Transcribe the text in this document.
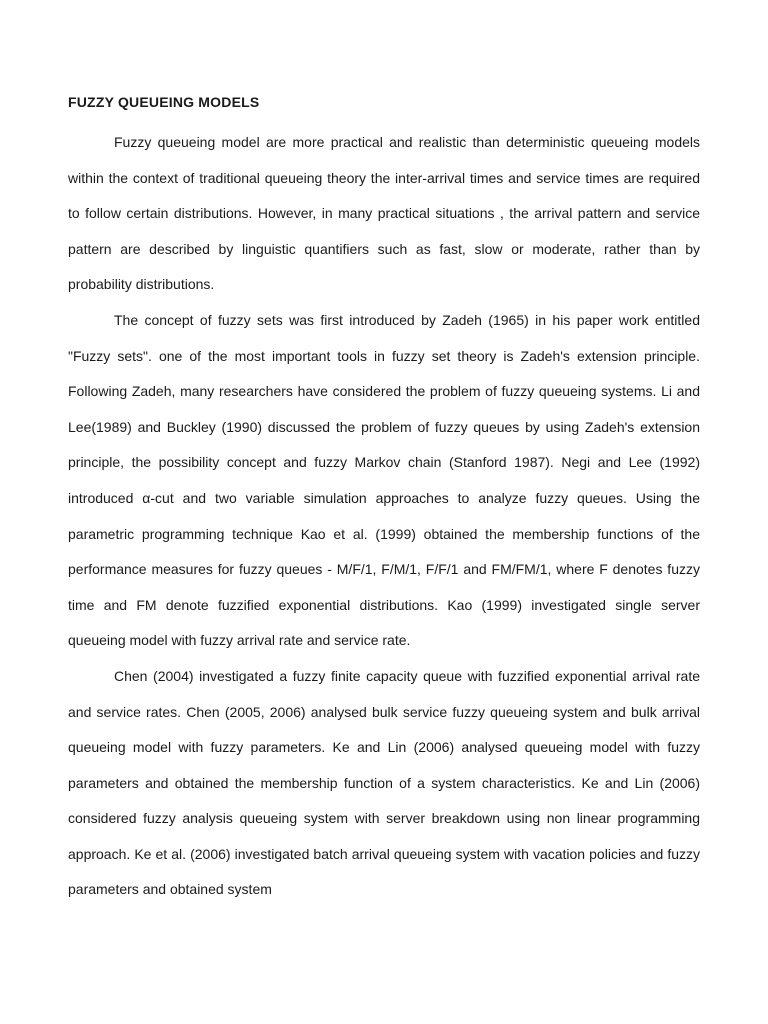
FUZZY QUEUEING MODELS

Fuzzy queueing model are more practical and realistic than deterministic queueing models within the context of traditional queueing theory the inter-arrival times and service times are required to follow certain distributions. However, in many practical situations , the arrival pattern and service pattern are described by linguistic quantifiers such as fast, slow or moderate, rather than by probability distributions.

The concept of fuzzy sets was first introduced by Zadeh (1965) in his paper work entitled "Fuzzy sets". one of the most important tools in fuzzy set theory is Zadeh's extension principle. Following Zadeh, many researchers have considered the problem of fuzzy queueing systems. Li and Lee(1989) and Buckley (1990) discussed the problem of fuzzy queues by using Zadeh's extension principle, the possibility concept and fuzzy Markov chain (Stanford 1987). Negi and Lee (1992) introduced α-cut and two variable simulation approaches to analyze fuzzy queues. Using the parametric programming technique Kao et al. (1999) obtained the membership functions of the performance measures for fuzzy queues - M/F/1, F/M/1, F/F/1 and FM/FM/1, where F denotes fuzzy time and FM denote fuzzified exponential distributions. Kao (1999) investigated single server queueing model with fuzzy arrival rate and service rate.

Chen (2004) investigated a fuzzy finite capacity queue with fuzzified exponential arrival rate and service rates. Chen (2005, 2006) analysed bulk service fuzzy queueing system and bulk arrival queueing model with fuzzy parameters. Ke and Lin (2006) analysed queueing model with fuzzy parameters and obtained the membership function of a system characteristics. Ke and Lin (2006) considered fuzzy analysis queueing system with server breakdown using non linear programming approach. Ke et al. (2006) investigated batch arrival queueing system with vacation policies and fuzzy parameters and obtained system
